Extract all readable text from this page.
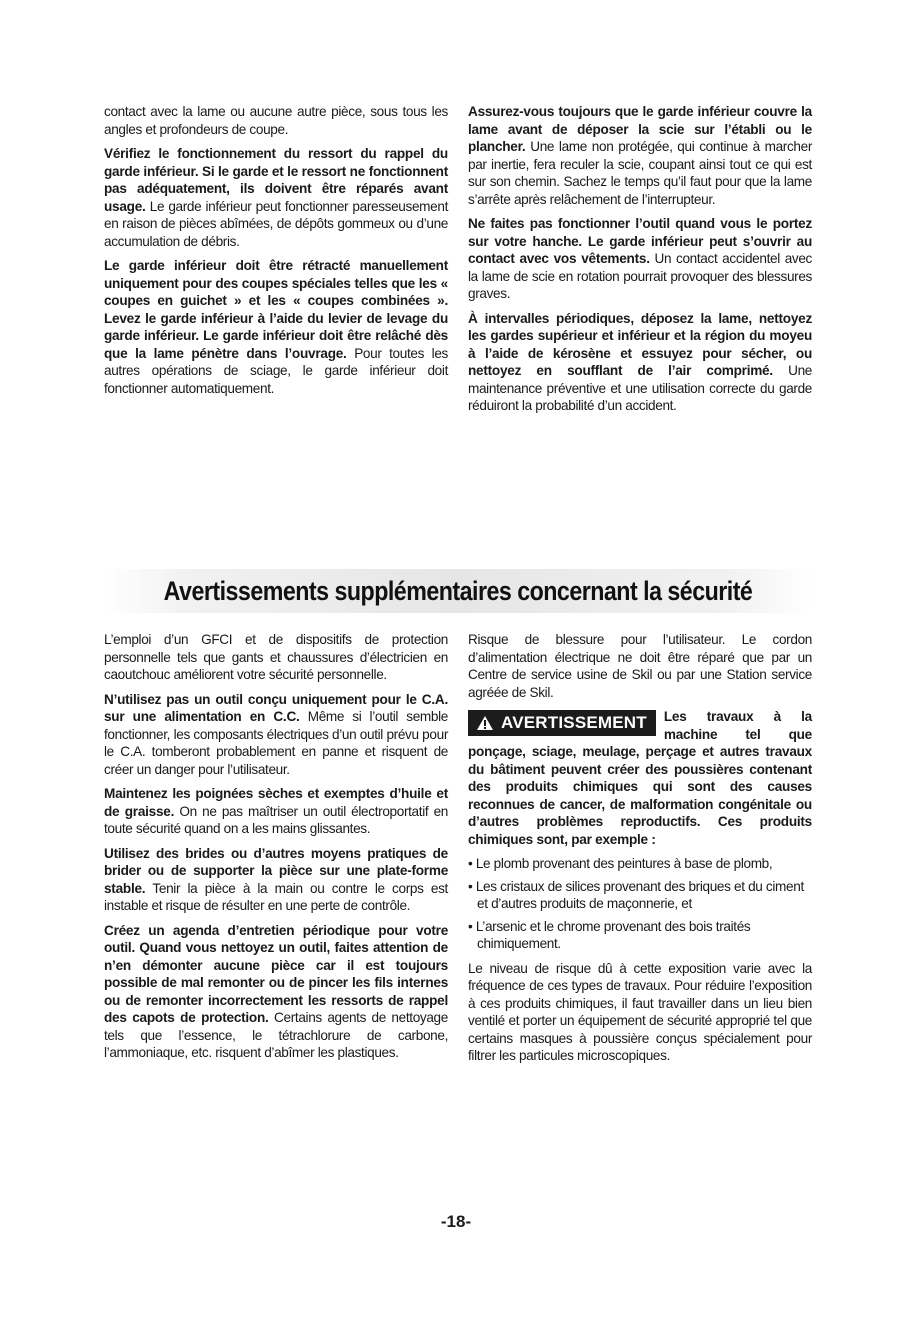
contact avec la lame ou aucune autre pièce, sous tous les angles et profondeurs de coupe.

Vérifiez le fonctionnement du ressort du rappel du garde inférieur. Si le garde et le ressort ne fonctionnent pas adéquatement, ils doivent être réparés avant usage. Le garde inférieur peut fonctionner paresseusement en raison de pièces abîmées, de dépôts gommeux ou d’une accumulation de débris.

Le garde inférieur doit être rétracté manuellement uniquement pour des coupes spéciales telles que les « coupes en guichet » et les « coupes combinées ». Levez le garde inférieur à l’aide du levier de levage du garde inférieur. Le garde inférieur doit être relâché dès que la lame pénètre dans l’ouvrage. Pour toutes les autres opérations de sciage, le garde inférieur doit fonctionner automatiquement.

Assurez-vous toujours que le garde inférieur couvre la lame avant de déposer la scie sur l’établi ou le plancher. Une lame non protégée, qui continue à marcher par inertie, fera reculer la scie, coupant ainsi tout ce qui est sur son chemin. Sachez le temps qu’il faut pour que la lame s’arrête après relâchement de l’interrupteur.

Ne faites pas fonctionner l’outil quand vous le portez sur votre hanche. Le garde inférieur peut s’ouvrir au contact avec vos vêtements. Un contact accidentel avec la lame de scie en rotation pourrait provoquer des blessures graves.

À intervalles périodiques, déposez la lame, nettoyez les gardes supérieur et inférieur et la région du moyeu à l’aide de kérosène et essuyez pour sécher, ou nettoyez en soufflant de l’air comprimé. Une maintenance préventive et une utilisation correcte du garde réduiront la probabilité d’un accident.

Avertissements supplémentaires concernant la sécurité

L’emploi d’un GFCI et de dispositifs de protection personnelle tels que gants et chaussures d’électricien en caoutchouc améliorent votre sécurité personnelle.

N’utilisez pas un outil conçu uniquement pour le C.A. sur une alimentation en C.C. Même si l’outil semble fonctionner, les composants électriques d’un outil prévu pour le C.A. tomberont probablement en panne et risquent de créer un danger pour l’utilisateur.

Maintenez les poignées sèches et exemptes d’huile et de graisse. On ne pas maîtriser un outil électroportatif en toute sécurité quand on a les mains glissantes.

Utilisez des brides ou d’autres moyens pratiques de brider ou de supporter la pièce sur une plate-forme stable. Tenir la pièce à la main ou contre le corps est instable et risque de résulter en une perte de contrôle.

Créez un agenda d’entretien périodique pour votre outil. Quand vous nettoyez un outil, faites attention de n’en démonter aucune pièce car il est toujours possible de mal remonter ou de pincer les fils internes ou de remonter incorrectement les ressorts de rappel des capots de protection. Certains agents de nettoyage tels que l’essence, le tétrachlorure de carbone, l’ammoniaque, etc. risquent d’abîmer les plastiques.

Risque de blessure pour l’utilisateur. Le cordon d’alimentation électrique ne doit être réparé que par un Centre de service usine de Skil ou par une Station service agréée de Skil.

AVERTISSEMENT Les travaux à la machine tel que ponçage, sciage, meulage, perçage et autres travaux du bâtiment peuvent créer des poussières contenant des produits chimiques qui sont des causes reconnues de cancer, de malformation congénitale ou d’autres problèmes reproductifs. Ces produits chimiques sont, par exemple :

• Le plomb provenant des peintures à base de plomb,
• Les cristaux de silices provenant des briques et du ciment et d’autres produits de maçonnerie, et
• L’arsenic et le chrome provenant des bois traités chimiquement.

Le niveau de risque dû à cette exposition varie avec la fréquence de ces types de travaux. Pour réduire l’exposition à ces produits chimiques, il faut travailler dans un lieu bien ventilé et porter un équipement de sécurité approprié tel que certains masques à poussière conçus spécialement pour filtrer les particules microscopiques.

-18-
